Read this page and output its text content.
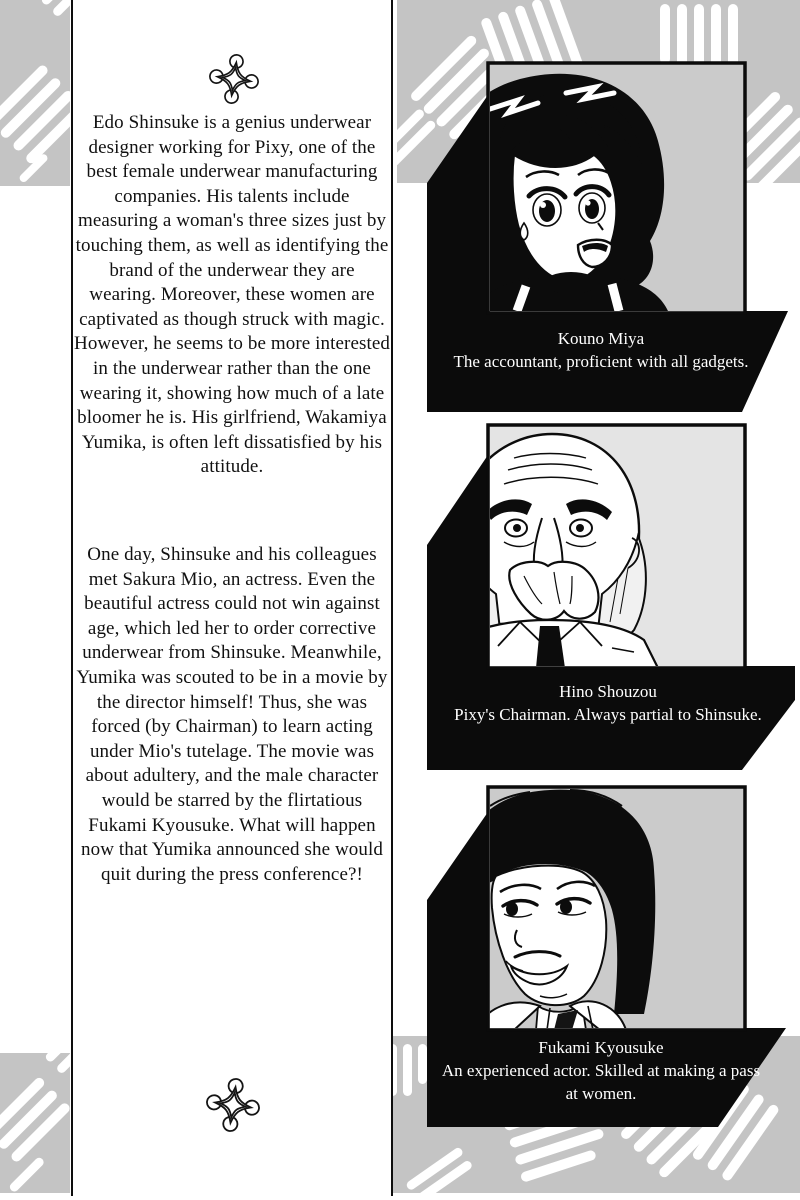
Edo Shinsuke is a genius underwear designer working for Pixy, one of the best female underwear manufacturing companies. His talents include measuring a woman's three sizes just by touching them, as well as identifying the brand of the underwear they are wearing. Moreover, these women are captivated as though struck with magic. However, he seems to be more interested in the underwear rather than the one wearing it, showing how much of a late bloomer he is. His girlfriend, Wakamiya Yumika, is often left dissatisfied by his attitude.

One day, Shinsuke and his colleagues met Sakura Mio, an actress. Even the beautiful actress could not win against age, which led her to order corrective underwear from Shinsuke. Meanwhile, Yumika was scouted to be in a movie by the director himself! Thus, she was forced (by Chairman) to learn acting under Mio's tutelage. The movie was about adultery, and the male character would be starred by the flirtatious Fukami Kyousuke. What will happen now that Yumika announced she would quit during the press conference?!

Kouno Miya
The accountant, proficient with all gadgets.
Hino Shouzou
Pixy's Chairman. Always partial to Shinsuke.
Fukami Kyousuke
An experienced actor. Skilled at making a pass at women.
